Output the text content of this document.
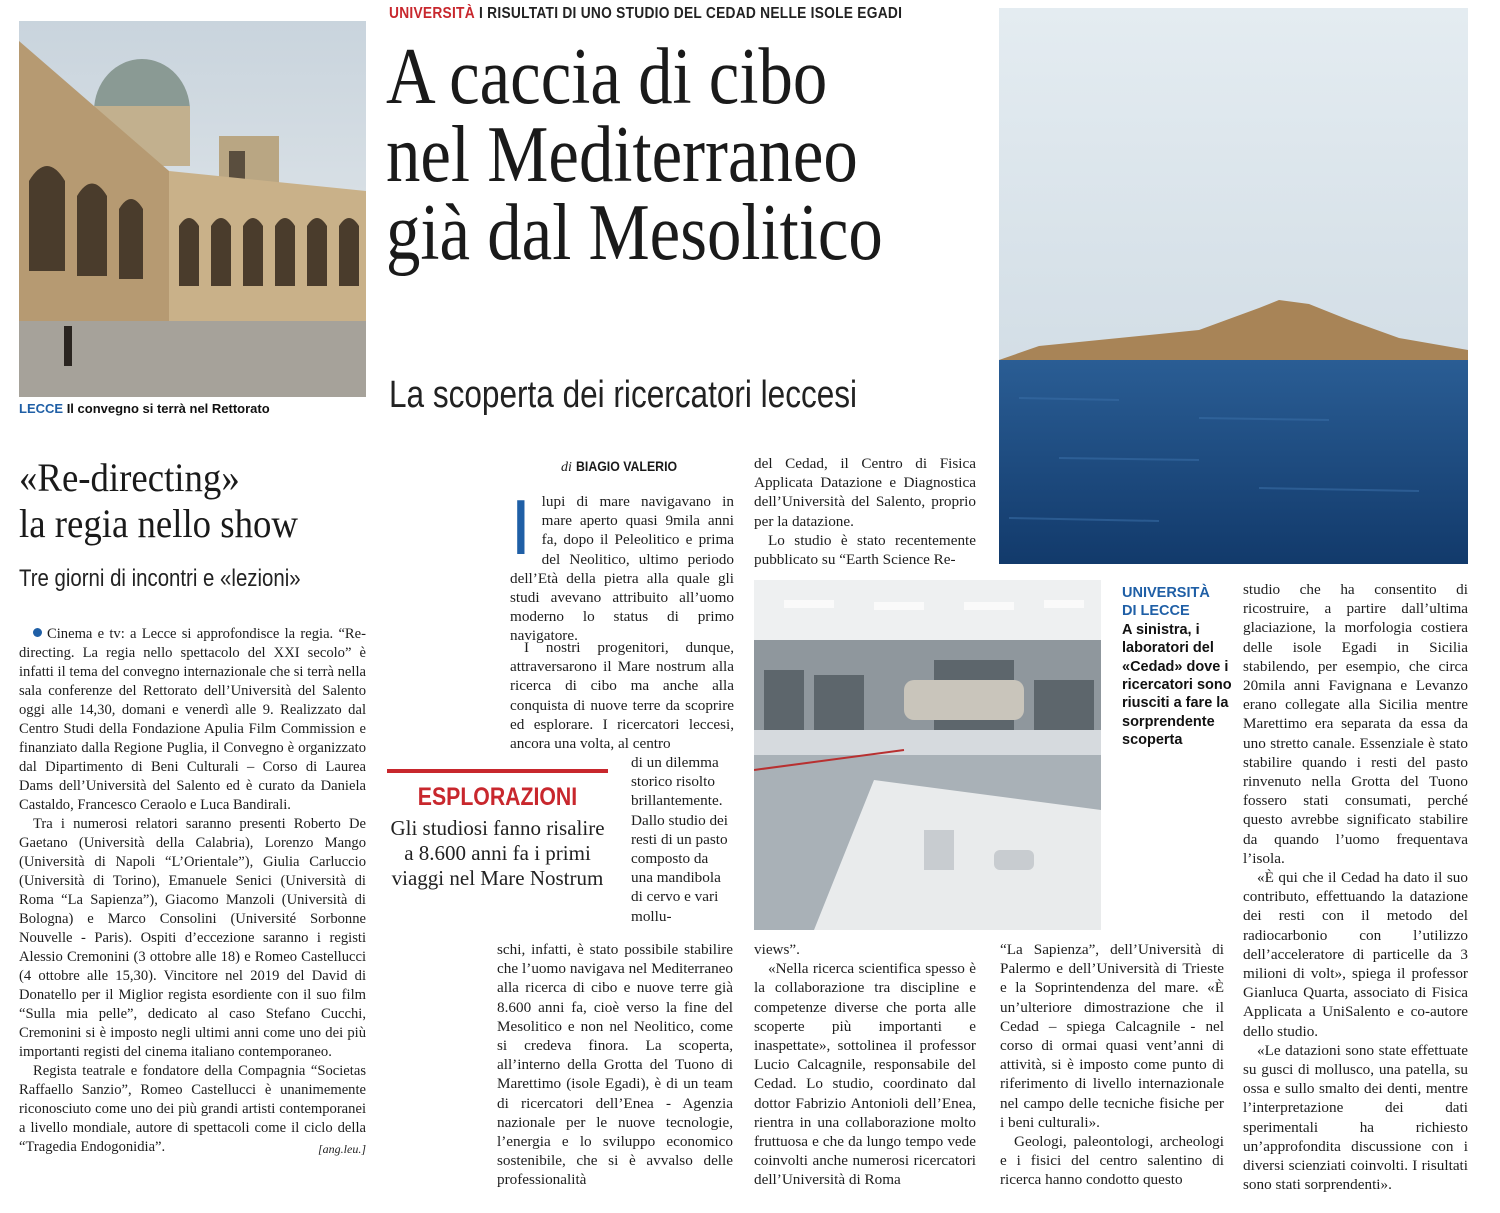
LECCE Il convegno si terrà nel Rettorato
UNIVERSITÀ I RISULTATI DI UNO STUDIO DEL CEDAD NELLE ISOLE EGADI
A caccia di cibo
nel Mediterraneo
già dal Mesolitico
La scoperta dei ricercatori leccesi
«Re-directing»
la regia nello show
Tre giorni di incontri e «lezioni»

Cinema e tv: a Lecce si approfondisce la regia. “Re-directing. La regia nello spettacolo del XXI secolo” è infatti il tema del convegno internazionale che si terrà nella sala conferenze del Rettorato dell’Università del Salento oggi alle 14,30, domani e venerdì alle 9. Realizzato dal Centro Studi della Fondazione Apulia Film Commission e finanziato dalla Regione Puglia, il Convegno è organizzato dal Dipartimento di Beni Culturali – Corso di Laurea Dams dell’Università del Salento ed è curato da Daniela Castaldo, Francesco Ceraolo e Luca Bandirali.

Tra i numerosi relatori saranno presenti Roberto De Gaetano (Università della Calabria), Lorenzo Mango (Università di Napoli “L’Orientale”), Giulia Carluccio (Università di Torino), Emanuele Senici (Università di Roma “La Sapienza”), Giacomo Manzoli (Università di Bologna) e Marco Consolini (Université Sorbonne Nouvelle - Paris). Ospiti d’eccezione saranno i registi Alessio Cremonini (3 ottobre alle 18) e Romeo Castellucci (4 ottobre alle 15,30). Vincitore nel 2019 del David di Donatello per il Miglior regista esordiente con il suo film “Sulla mia pelle”, dedicato al caso Stefano Cucchi, Cremonini si è imposto negli ultimi anni come uno dei più importanti registi del cinema italiano contemporaneo.

Regista teatrale e fondatore della Compagnia “Societas Raffaello Sanzio”, Romeo Castellucci è unanimemente riconosciuto come uno dei più grandi artisti contemporanei a livello mondiale, autore di spettacoli come il ciclo della “Tragedia Endogonidia”.	[ang.leu.]
di BIAGIO VALERIO

Ilupi di mare navigavano in mare aperto quasi 9mila anni fa, dopo il Peleolitico e prima del Neolitico, ultimo periodo dell’Età della pietra alla quale gli studi avevano attribuito all’uomo moderno lo status di primo navigatore.

I nostri progenitori, dunque, attraversarono il Mare nostrum alla ricerca di cibo ma anche alla conquista di nuove terre da scoprire ed esplorare. I ricercatori leccesi, ancora una volta, al centro

di un dilemma storico risolto brillantemente. Dallo studio dei resti di un pasto composto da una mandibola di cervo e vari mollu-

schi, infatti, è stato possibile stabilire che l’uomo navigava nel Mediterraneo alla ricerca di cibo e nuove terre già 8.600 anni fa, cioè verso la fine del Mesolitico e non nel Neolitico, come si credeva finora. La scoperta, all’interno della Grotta del Tuono di Marettimo (isole Egadi), è di un team di ricercatori dell’Enea - Agenzia nazionale per le nuove tecnologie, l’energia e lo sviluppo economico sostenibile, che si è avvalso delle professionalità

ESPLORAZIONI
Gli studiosi fanno risalire a 8.600 anni fa i primi viaggi nel Mare Nostrum

del Cedad, il Centro di Fisica Applicata Datazione e Diagnostica dell’Università del Salento, proprio per la datazione.

Lo studio è stato recentemente pubblicato su “Earth Science Re-

UNIVERSITÀ
DI LECCE
A sinistra, i laboratori del «Cedad» dove i ricercatori sono riusciti a fare la sorprendente scoperta

studio che ha consentito di ricostruire, a partire dall’ultima glaciazione, la morfologia costiera delle isole Egadi in Sicilia stabilendo, per esempio, che circa 20mila anni Favignana e Levanzo erano collegate alla Sicilia mentre Marettimo era separata da essa da uno stretto canale. Essenziale è stato stabilire quando i resti del pasto rinvenuto nella Grotta del Tuono fossero stati consumati, perché questo avrebbe significato stabilire da quando l’uomo frequentava l’isola.

«È qui che il Cedad ha dato il suo contributo, effettuando la datazione dei resti con il metodo del radiocarbonio con l’utilizzo dell’acceleratore di particelle da 3 milioni di volt», spiega il professor Gianluca Quarta, associato di Fisica Applicata a UniSalento e co-autore dello studio.

«Le datazioni sono state effettuate su gusci di mollusco, una patella, su ossa e sullo smalto dei denti, mentre l’interpretazione dei dati sperimentali ha richiesto un’approfondita discussione con i diversi scienziati coinvolti. I risultati sono stati sorprendenti».

views”.

«Nella ricerca scientifica spesso è la collaborazione tra discipline e competenze diverse che porta alle scoperte più importanti e inaspettate», sottolinea il professor Lucio Calcagnile, responsabile del Cedad. Lo studio, coordinato dal dottor Fabrizio Antonioli dell’Enea, rientra in una collaborazione molto fruttuosa e che da lungo tempo vede coinvolti anche numerosi ricercatori dell’Università di Roma

“La Sapienza”, dell’Università di Palermo e dell’Università di Trieste e la Soprintendenza del mare. «È un’ulteriore dimostrazione che il Cedad – spiega Calcagnile - nel corso di ormai quasi vent’anni di attività, si è imposto come punto di riferimento di livello internazionale nel campo delle tecniche fisiche per i beni culturali».

Geologi, paleontologi, archeologi e i fisici del centro salentino di ricerca hanno condotto questo
